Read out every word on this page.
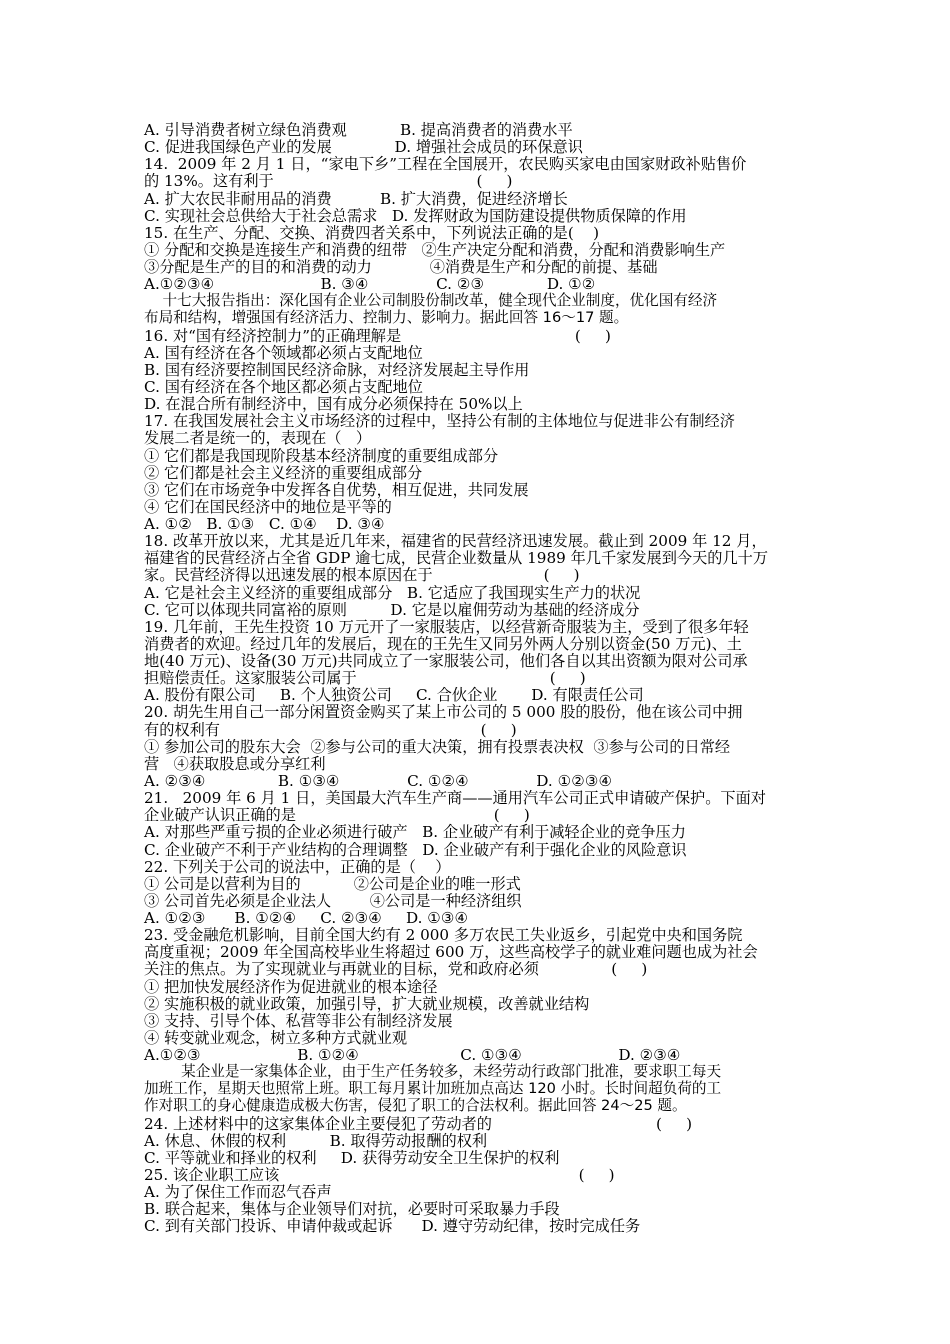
A. 引导消费者树立绿色消费观           B. 提高消费者的消费水平
C. 促进我国绿色产业的发展             D. 增强社会成员的环保意识
14.  2009 年 2 月 1 日，“家电下乡”工程在全国展开，农民购买家电由国家财政补贴售价
的 13%。这有利于                                          (     )
A. 扩大农民非耐用品的消费          B. 扩大消费，促进经济增长
C. 实现社会总供给大于社会总需求   D. 发挥财政为国防建设提供物质保障的作用
15. 在生产、分配、交换、消费四者关系中，下列说法正确的是(    )
① 分配和交换是连接生产和消费的纽带   ②生产决定分配和消费，分配和消费影响生产
③分配是生产的目的和消费的动力            ④消费是生产和分配的前提、基础
A.①②③④                      B. ③④              C. ②③             D. ①②
十七大报告指出：深化国有企业公司制股份制改革，健全现代企业制度，优化国有经济
布局和结构，增强国有经济活力、控制力、影响力。据此回答 16～17 题。
16. 对“国有经济控制力”的正确理解是                                    (     )
A. 国有经济在各个领域都必须占支配地位
B. 国有经济要控制国民经济命脉，对经济发展起主导作用
C. 国有经济在各个地区都必须占支配地位
D. 在混合所有制经济中，国有成分必须保持在 50%以上
17. 在我国发展社会主义市场经济的过程中，坚持公有制的主体地位与促进非公有制经济
发展二者是统一的，表现在（   ）
① 它们都是我国现阶段基本经济制度的重要组成部分
② 它们都是社会主义经济的重要组成部分
③ 它们在市场竞争中发挥各自优势，相互促进，共同发展
④ 它们在国民经济中的地位是平等的
A. ①②   B. ①③   C. ①④    D. ③④
18. 改革开放以来，尤其是近几年来，福建省的民营经济迅速发展。截止到 2009 年 12 月，
福建省的民营经济占全省 GDP 逾七成，民营企业数量从 1989 年几千家发展到今天的几十万
家。民营经济得以迅速发展的根本原因在于                       (     )
A. 它是社会主义经济的重要组成部分   B. 它适应了我国现实生产力的状况
C. 它可以体现共同富裕的原则         D. 它是以雇佣劳动为基础的经济成分
19. 几年前，王先生投资 10 万元开了一家服装店，以经营新奇服装为主，受到了很多年轻
消费者的欢迎。经过几年的发展后，现在的王先生又同另外两人分别以资金(50 万元)、土
地(40 万元)、设备(30 万元)共同成立了一家服装公司，他们各自以其出资额为限对公司承
担赔偿责任。这家服装公司属于                                        (     )
A. 股份有限公司     B. 个人独资公司     C. 合伙企业       D. 有限责任公司
20. 胡先生用自己一部分闲置资金购买了某上市公司的 5 000 股的股份，他在该公司中拥
有的权利有                                                      (     )
① 参加公司的股东大会  ②参与公司的重大决策，拥有投票表决权  ③参与公司的日常经
营   ④获取股息或分享红利
A. ②③④               B. ①③④              C. ①②④              D. ①②③④
21.   2009 年 6 月 1 日，美国最大汽车生产商——通用汽车公司正式申请破产保护。下面对
企业破产认识正确的是                                         (     )
A. 对那些严重亏损的企业必须进行破产   B. 企业破产有利于减轻企业的竞争压力
C. 企业破产不利于产业结构的合理调整   D. 企业破产有利于强化企业的风险意识
22. 下列关于公司的说法中，正确的是（    ）
① 公司是以营利为目的           ②公司是企业的唯一形式
③ 公司首先必须是企业法人        ④公司是一种经济组织
A. ①②③      B. ①②④     C. ②③④     D. ①③④
23. 受金融危机影响，目前全国大约有 2 000 多万农民工失业返乡，引起党中央和国务院
高度重视；2009 年全国高校毕业生将超过 600 万，这些高校学子的就业难问题也成为社会
关注的焦点。为了实现就业与再就业的目标，党和政府必须               (     )
① 把加快发展经济作为促进就业的根本途径
② 实施积极的就业政策，加强引导，扩大就业规模，改善就业结构
③ 支持、引导个体、私营等非公有制经济发展
④ 转变就业观念，树立多种方式就业观
A.①②③                    B. ①②④                     C. ①③④                    D. ②③④
某企业是一家集体企业，由于生产任务较多，未经劳动行政部门批准，要求职工每天
加班工作，星期天也照常上班。职工每月累计加班加点高达 120 小时。长时间超负荷的工
作对职工的身心健康造成极大伤害，侵犯了职工的合法权利。据此回答 24～25 题。
24. 上述材料中的这家集体企业主要侵犯了劳动者的                                  (     )
A. 休息、休假的权利         B. 取得劳动报酬的权利
C. 平等就业和择业的权利     D. 获得劳动安全卫生保护的权利
25. 该企业职工应该                                                              (     )
A. 为了保住工作而忍气吞声
B. 联合起来，集体与企业领导们对抗，必要时可采取暴力手段
C. 到有关部门投诉、申请仲裁或起诉      D. 遵守劳动纪律，按时完成任务
